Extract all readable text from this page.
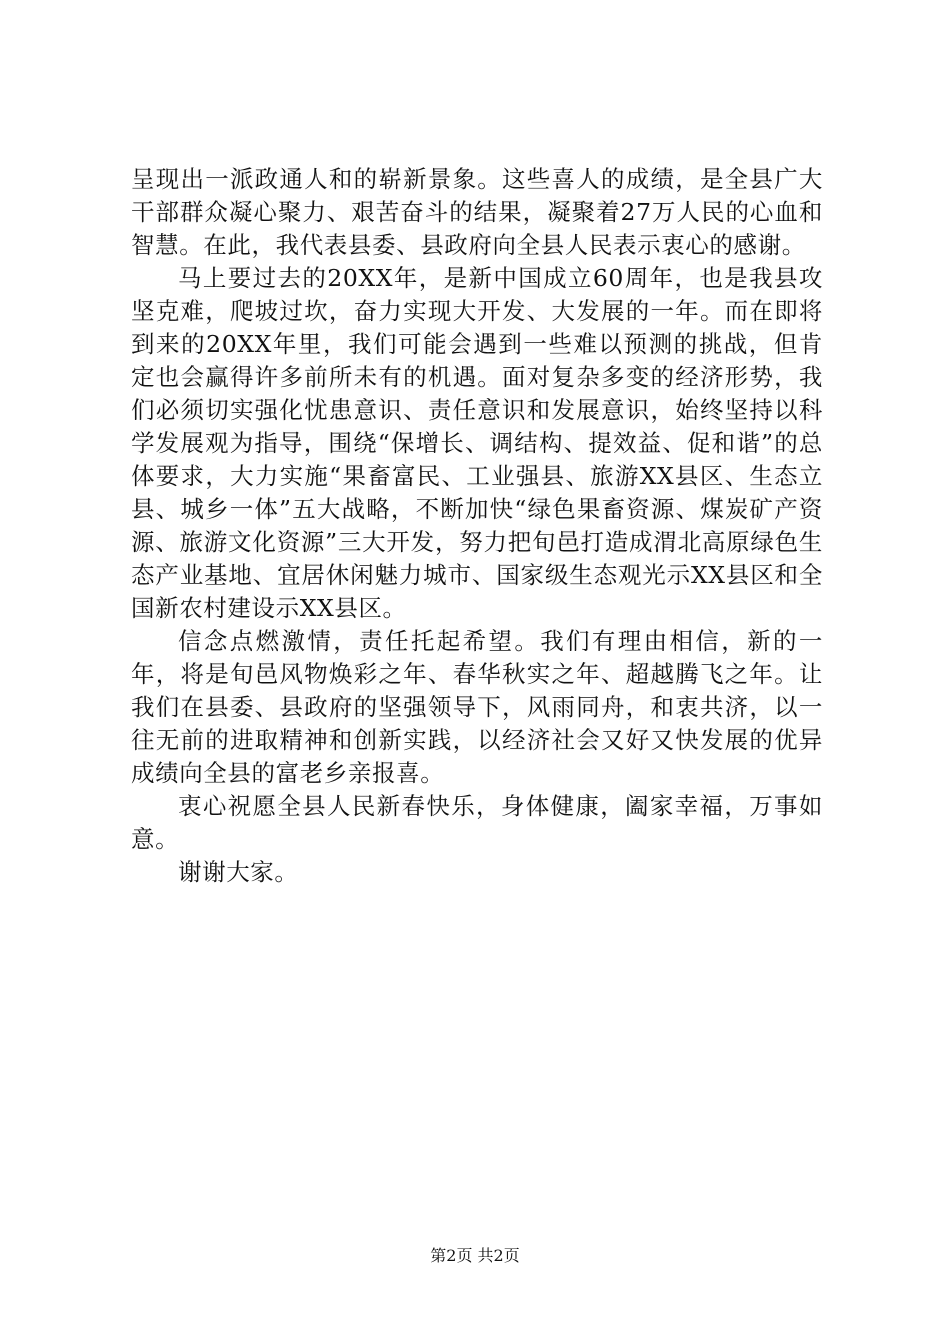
呈现出一派政通人和的崭新景象。这些喜人的成绩，是全县广大干部群众凝心聚力、艰苦奋斗的结果，凝聚着27万人民的心血和智慧。在此，我代表县委、县政府向全县人民表示衷心的感谢。

马上要过去的20XX年，是新中国成立60周年，也是我县攻坚克难，爬坡过坎，奋力实现大开发、大发展的一年。而在即将到来的20XX年里，我们可能会遇到一些难以预测的挑战，但肯定也会赢得许多前所未有的机遇。面对复杂多变的经济形势，我们必须切实强化忧患意识、责任意识和发展意识，始终坚持以科学发展观为指导，围绕“保增长、调结构、提效益、促和谐”的总体要求，大力实施“果畜富民、工业强县、旅游XX县区、生态立县、城乡一体”五大战略，不断加快“绿色果畜资源、煤炭矿产资源、旅游文化资源”三大开发，努力把旬邑打造成渭北高原绿色生态产业基地、宜居休闲魅力城市、国家级生态观光示XX县区和全国新农村建设示XX县区。

信念点燃激情，责任托起希望。我们有理由相信，新的一年，将是旬邑风物焕彩之年、春华秋实之年、超越腾飞之年。让我们在县委、县政府的坚强领导下，风雨同舟，和衷共济，以一往无前的进取精神和创新实践，以经济社会又好又快发展的优异成绩向全县的富老乡亲报喜。

衷心祝愿全县人民新春快乐，身体健康，阖家幸福，万事如意。

谢谢大家。

第2页 共2页
